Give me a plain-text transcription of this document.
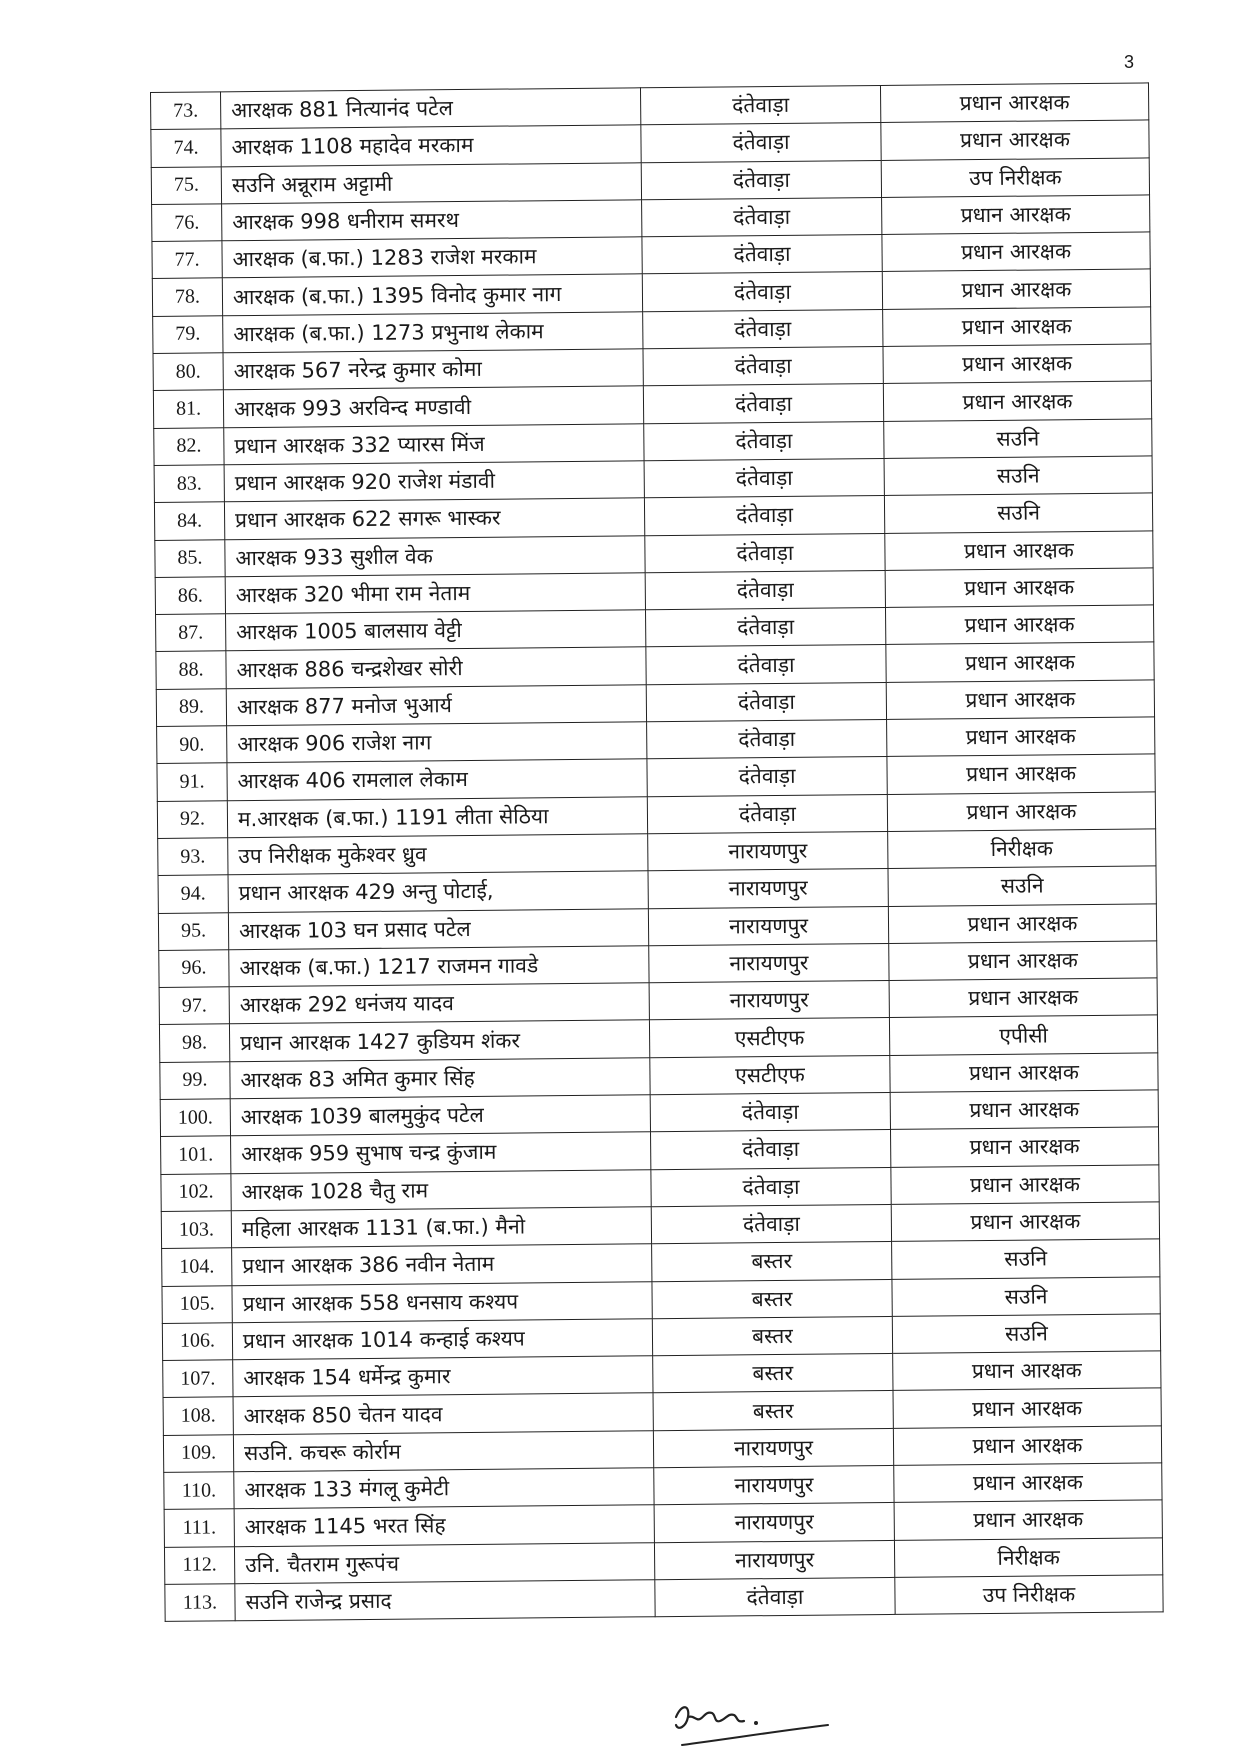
3
73.	आरक्षक 881 नित्यानंद पटेल	दंतेवाड़ा	प्रधान आरक्षक
74.	आरक्षक 1108 महादेव मरकाम	दंतेवाड़ा	प्रधान आरक्षक
75.	सउनि अन्नूराम अट्टामी	दंतेवाड़ा	उप निरीक्षक
76.	आरक्षक 998 धनीराम समरथ	दंतेवाड़ा	प्रधान आरक्षक
77.	आरक्षक (ब.फा.) 1283 राजेश मरकाम	दंतेवाड़ा	प्रधान आरक्षक
78.	आरक्षक (ब.फा.) 1395 विनोद कुमार नाग	दंतेवाड़ा	प्रधान आरक्षक
79.	आरक्षक (ब.फा.) 1273 प्रभुनाथ लेकाम	दंतेवाड़ा	प्रधान आरक्षक
80.	आरक्षक 567 नरेन्द्र कुमार कोमा	दंतेवाड़ा	प्रधान आरक्षक
81.	आरक्षक 993 अरविन्द मण्डावी	दंतेवाड़ा	प्रधान आरक्षक
82.	प्रधान आरक्षक 332 प्यारस मिंज	दंतेवाड़ा	सउनि
83.	प्रधान आरक्षक 920 राजेश मंडावी	दंतेवाड़ा	सउनि
84.	प्रधान आरक्षक 622 सगरू भास्कर	दंतेवाड़ा	सउनि
85.	आरक्षक 933 सुशील वेक	दंतेवाड़ा	प्रधान आरक्षक
86.	आरक्षक 320 भीमा राम नेताम	दंतेवाड़ा	प्रधान आरक्षक
87.	आरक्षक 1005 बालसाय वेट्टी	दंतेवाड़ा	प्रधान आरक्षक
88.	आरक्षक 886 चन्द्रशेखर सोरी	दंतेवाड़ा	प्रधान आरक्षक
89.	आरक्षक 877 मनोज भुआर्य	दंतेवाड़ा	प्रधान आरक्षक
90.	आरक्षक 906 राजेश नाग	दंतेवाड़ा	प्रधान आरक्षक
91.	आरक्षक 406 रामलाल लेकाम	दंतेवाड़ा	प्रधान आरक्षक
92.	म.आरक्षक (ब.फा.) 1191 लीता सेठिया	दंतेवाड़ा	प्रधान आरक्षक
93.	उप निरीक्षक मुकेश्वर ध्रुव	नारायणपुर	निरीक्षक
94.	प्रधान आरक्षक 429 अन्तु पोटाई,	नारायणपुर	सउनि
95.	आरक्षक 103 घन प्रसाद पटेल	नारायणपुर	प्रधान आरक्षक
96.	आरक्षक (ब.फा.) 1217 राजमन गावडे	नारायणपुर	प्रधान आरक्षक
97.	आरक्षक 292 धनंजय यादव	नारायणपुर	प्रधान आरक्षक
98.	प्रधान आरक्षक 1427 कुडियम शंकर	एसटीएफ	एपीसी
99.	आरक्षक 83 अमित कुमार सिंह	एसटीएफ	प्रधान आरक्षक
100.	आरक्षक 1039 बालमुकुंद पटेल	दंतेवाड़ा	प्रधान आरक्षक
101.	आरक्षक 959 सुभाष चन्द्र कुंजाम	दंतेवाड़ा	प्रधान आरक्षक
102.	आरक्षक 1028 चैतु राम	दंतेवाड़ा	प्रधान आरक्षक
103.	महिला आरक्षक 1131 (ब.फा.) मैनो	दंतेवाड़ा	प्रधान आरक्षक
104.	प्रधान आरक्षक 386 नवीन नेताम	बस्तर	सउनि
105.	प्रधान आरक्षक 558 धनसाय कश्यप	बस्तर	सउनि
106.	प्रधान आरक्षक 1014 कन्हाई कश्यप	बस्तर	सउनि
107.	आरक्षक 154 धर्मेन्द्र कुमार	बस्तर	प्रधान आरक्षक
108.	आरक्षक 850 चेतन यादव	बस्तर	प्रधान आरक्षक
109.	सउनि. कचरू कोर्राम	नारायणपुर	प्रधान आरक्षक
110.	आरक्षक 133 मंगलू कुमेटी	नारायणपुर	प्रधान आरक्षक
111.	आरक्षक 1145 भरत सिंह	नारायणपुर	प्रधान आरक्षक
112.	उनि. चैतराम गुरूपंच	नारायणपुर	निरीक्षक
113.	सउनि राजेन्द्र प्रसाद	दंतेवाड़ा	उप निरीक्षक
